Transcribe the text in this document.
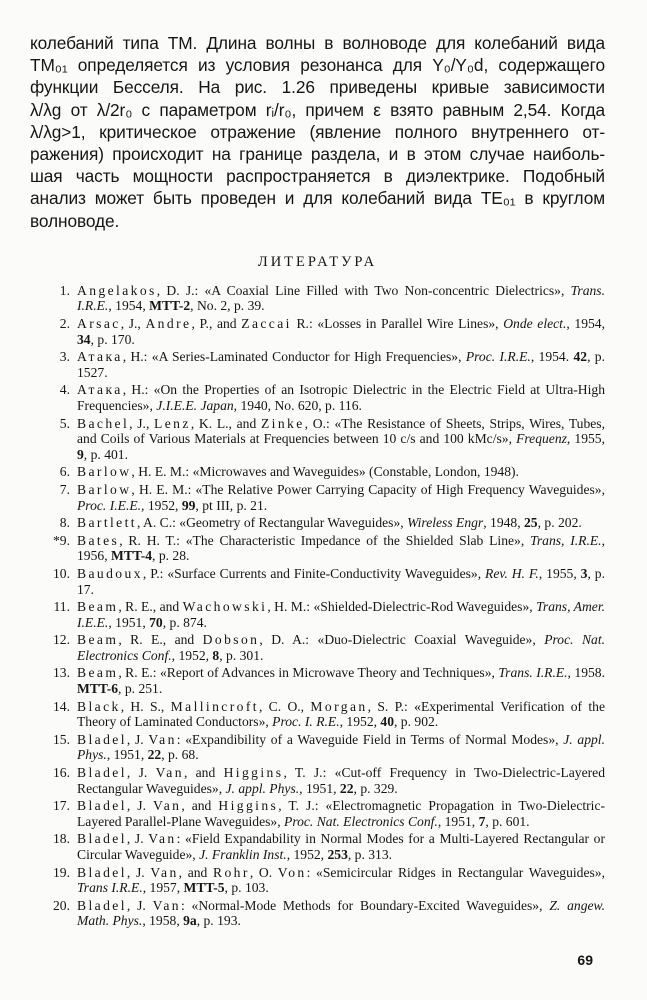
колебаний типа ТМ. Длина волны в волноводе для колебаний вида
TM₀₁ определяется из условия резонанса для Y₀/Y₀d, содержащего
функции Бесселя. На рис. 1.26 приведены кривые зависимости
λ/λg от λ/2r₀ с параметром rᵢ/r₀, причем ε взято равным 2,54. Когда
λ/λg>1, критическое отражение (явление полного внутреннего от-
ражения) происходит на границе раздела, и в этом случае наиболь-
шая часть мощности распространяется в диэлектрике. Подобный
анализ может быть проведен и для колебаний вида TE₀₁ в круглом
волноводе.
ЛИТЕРАТУРА
1. Angelakos, D. J.: «A Coaxial Line Filled with Two Non-concentric Dielectrics», Trans. I.R.E., 1954, MTT-2, No. 2, p. 39.
2. Arsac, J., Andre, P., and Zaccai R.: «Losses in Parallel Wire Lines», Onde elect., 1954, 34, p. 170.
3. Атака, H.: «A Series-Laminated Conductor for High Frequencies», Proc. I.R.E., 1954. 42, p. 1527.
4. Атака, H.: «On the Properties of an Isotropic Dielectric in the Electric Field at Ultra-High Frequencies», J.I.E.E. Japan, 1940, No. 620, p. 116.
5. Bachel, J., Lenz, K. L., and Zinke, O.: «The Resistance of Sheets, Strips, Wires, Tubes, and Coils of Various Materials at Frequencies between 10 c/s and 100 kMc/s», Frequenz, 1955, 9, p. 401.
6. Barlow, H. E. M.: «Microwaves and Waveguides» (Constable, London, 1948).
7. Barlow, H. E. M.: «The Relative Power Carrying Capacity of High Frequency Waveguides», Proc. I.E.E., 1952, 99, pt III, p. 21.
8. Bartlett, A. C.: «Geometry of Rectangular Waveguides», Wireless Engr, 1948, 25, p. 202.
*9. Bates, R. H. T.: «The Characteristic Impedance of the Shielded Slab Line», Trans, I.R.E., 1956, MTT-4, p. 28.
10. Baudoux, P.: «Surface Currents and Finite-Conductivity Waveguides», Rev. H. F., 1955, 3, p. 17.
11. Beam, R. E., and Wachowski, H. M.: «Shielded-Dielectric-Rod Waveguides», Trans, Amer. I.E.E., 1951, 70, p. 874.
12. Beam, R. E., and Dobson, D. A.: «Duo-Dielectric Coaxial Waveguide», Proc. Nat. Electronics Conf., 1952, 8, p. 301.
13. Beam, R. E.: «Report of Advances in Microwave Theory and Techniques», Trans. I.R.E., 1958. MTT-6, p. 251.
14. Black, H. S., Mallincroft, C. O., Morgan, S. P.: «Experimental Verification of the Theory of Laminated Conductors», Proc. I. R.E., 1952, 40, p. 902.
15. Bladel, J. Van: «Expandibility of a Waveguide Field in Terms of Normal Modes», J. appl. Phys., 1951, 22, p. 68.
16. Bladel, J. Van, and Higgins, T. J.: «Cut-off Frequency in Two-Dielectric-Layered Rectangular Waveguides», J. appl. Phys., 1951, 22, p. 329.
17. Bladel, J. Van, and Higgins, T. J.: «Electromagnetic Propagation in Two-Dielectric-Layered Parallel-Plane Waveguides», Proc. Nat. Electronics Conf., 1951, 7, p. 601.
18. Bladel, J. Van: «Field Expandability in Normal Modes for a Multi-Layered Rectangular or Circular Waveguide», J. Franklin Inst., 1952, 253, p. 313.
19. Bladel, J. Van, and Rohr, O. Von: «Semicircular Ridges in Rectangular Waveguides», Trans I.R.E., 1957, MTT-5, p. 103.
20. Bladel, J. Van: «Normal-Mode Methods for Boundary-Excited Waveguides», Z. angew. Math. Phys., 1958, 9a, p. 193.
69
